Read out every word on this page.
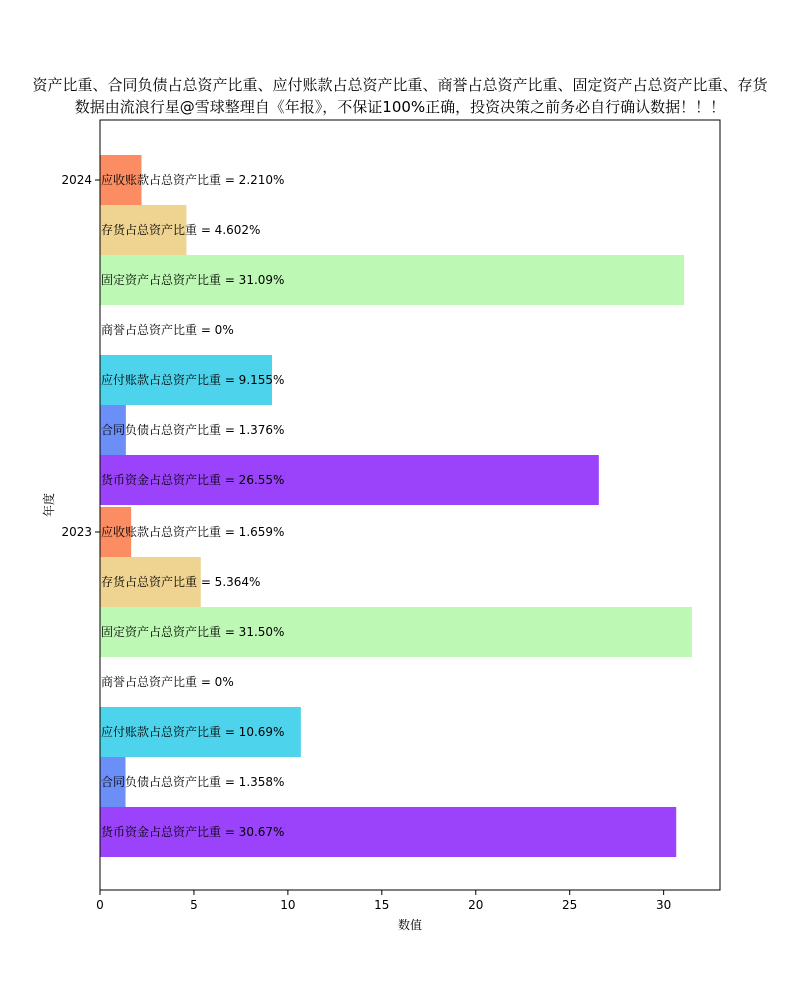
资产比重、合同负债占总资产比重、应付账款占总资产比重、商誉占总资产比重、固定资产占总资产比重、存货
数据由流浪行星@雪球整理自《年报》，不保证100%正确，投资决策之前务必自行确认数据！！！
应收账款占总资产比重 = 2.210%
存货占总资产比重 = 4.602%
固定资产占总资产比重 = 31.09%
商誉占总资产比重 = 0%
应付账款占总资产比重 = 9.155%
合同负债占总资产比重 = 1.376%
货币资金占总资产比重 = 26.55%
应收账款占总资产比重 = 1.659%
存货占总资产比重 = 5.364%
固定资产占总资产比重 = 31.50%
商誉占总资产比重 = 0%
应付账款占总资产比重 = 10.69%
合同负债占总资产比重 = 1.358%
货币资金占总资产比重 = 30.67%
0	5	10	15	20	25	30
2024
2023
数值
年度
